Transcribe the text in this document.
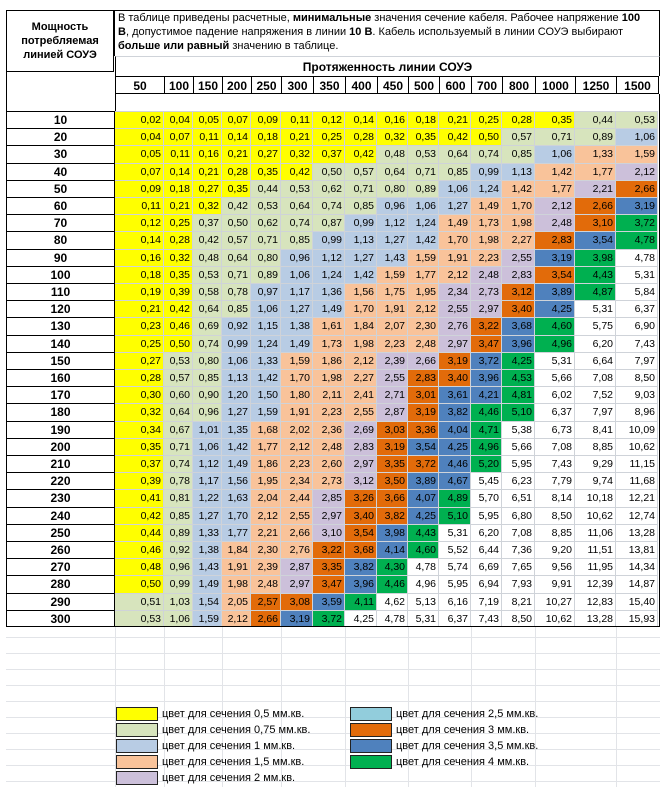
Мощность
потребляемая
линией СОУЭ
В таблице приведены расчетные, минимальные значения сечение кабеля. Рабочее напряжение 100
В, допустимое падение напряжения в линии 10 В. Кабель используемый в линии СОУЭ выбирают
больше или равный значению в таблице.
Протяженность линии СОУЭ
50	100 150 200 250 300 350 400 450 500 600 700 800	1000	1250	1500
10	0,02 0,04 0,05 0,07 0,09	0,11	0,12	0,14	0,16	0,18	0,21	0,25	0,28	0,35	0,44	0,53
20	0,04 0,07 0,11 0,14 0,18	0,21	0,25	0,28	0,32	0,35	0,42	0,50	0,57	0,71	0,89	1,06
30	0,05 0,11 0,16 0,21 0,27	0,32	0,37	0,42	0,48	0,53	0,64	0,74	0,85	1,06	1,33	1,59
40	0,07 0,14 0,21 0,28 0,35	0,42	0,50	0,57	0,64	0,71	0,85	0,99	1,13	1,42	1,77	2,12
50	0,09 0,18 0,27 0,35 0,44	0,53	0,62	0,71	0,80	0,89	1,06	1,24	1,42	1,77	2,21	2,66
60	0,11 0,21 0,32 0,42 0,53	0,64	0,74	0,85	0,96	1,06	1,27	1,49	1,70	2,12	2,66	3,19
70	0,12 0,25 0,37 0,50 0,62	0,74	0,87	0,99	1,12	1,24	1,49	1,73	1,98	2,48	3,10	3,72
80	0,14 0,28 0,42 0,57 0,71	0,85	0,99	1,13	1,27	1,42	1,70	1,98	2,27	2,83	3,54	4,78
90	0,16 0,32 0,48 0,64 0,80	0,96	1,12	1,27	1,43	1,59	1,91	2,23	2,55	3,19	3,98	4,78
100	0,18 0,35 0,53 0,71 0,89	1,06	1,24	1,42	1,59	1,77	2,12	2,48	2,83	3,54	4,43	5,31
110	0,19 0,39 0,58 0,78 0,97	1,17	1,36	1,56	1,75	1,95	2,34	2,73	3,12	3,89	4,87	5,84
120	0,21 0,42 0,64 0,85 1,06	1,27	1,49	1,70	1,91	2,12	2,55	2,97	3,40	4,25	5,31	6,37
130	0,23 0,46 0,69 0,92 1,15	1,38	1,61	1,84	2,07	2,30	2,76	3,22	3,68	4,60	5,75	6,90
140	0,25 0,50 0,74 0,99 1,24	1,49	1,73	1,98	2,23	2,48	2,97	3,47	3,96	4,96	6,20	7,43
150	0,27 0,53 0,80 1,06 1,33	1,59	1,86	2,12	2,39	2,66	3,19	3,72	4,25	5,31	6,64	7,97
160	0,28 0,57 0,85 1,13 1,42	1,70	1,98	2,27	2,55	2,83	3,40	3,96	4,53	5,66	7,08	8,50
170	0,30 0,60 0,90 1,20 1,50	1,80	2,11	2,41	2,71	3,01	3,61	4,21	4,81	6,02	7,52	9,03
180	0,32 0,64 0,96 1,27 1,59	1,91	2,23	2,55	2,87	3,19	3,82	4,46	5,10	6,37	7,97	8,96
190	0,34 0,67 1,01 1,35 1,68	2,02	2,36	2,69	3,03	3,36	4,04	4,71	5,38	6,73	8,41	10,09
200	0,35 0,71 1,06 1,42 1,77	2,12	2,48	2,83	3,19	3,54	4,25	4,96	5,66	7,08	8,85	10,62
210	0,37 0,74 1,12 1,49 1,86	2,23	2,60	2,97	3,35	3,72	4,46	5,20	5,95	7,43	9,29	11,15
220	0,39 0,78 1,17 1,56 1,95	2,34	2,73	3,12	3,50	3,89	4,67	5,45	6,23	7,79	9,74	11,68
230	0,41 0,81 1,22 1,63 2,04	2,44	2,85	3,26	3,66	4,07	4,89	5,70	6,51	8,14	10,18	12,21
240	0,42 0,85 1,27 1,70 2,12	2,55	2,97	3,40	3,82	4,25	5,10	5,95	6,80	8,50	10,62	12,74
250	0,44 0,89 1,33 1,77 2,21	2,66	3,10	3,54	3,98	4,43	5,31	6,20	7,08	8,85	11,06	13,28
260	0,46 0,92 1,38 1,84 2,30	2,76	3,22	3,68	4,14	4,60	5,52	6,44	7,36	9,20	11,51	13,81
270	0,48 0,96 1,43 1,91 2,39	2,87	3,35	3,82	4,30	4,78	5,74	6,69	7,65	9,56	11,95	14,34
280	0,50 0,99 1,49 1,98 2,48	2,97	3,47	3,96	4,46	4,96	5,95	6,94	7,93	9,91	12,39	14,87
290	0,51 1,03 1,54 2,05 2,57	3,08	3,59	4,11	4,62	5,13	6,16	7,19	8,21	10,27	12,83	15,40
300	0,53 1,06 1,59 2,12 2,66	3,19	3,72	4,25	4,78	5,31	6,37	7,43	8,50	10,62	13,28	15,93
цвет для сечения 0,5 мм.кв.
цвет для сечения 0,75 мм.кв.
цвет для сечения 1 мм.кв.
цвет для сечения 1,5 мм.кв.
цвет для сечения 2 мм.кв.
цвет для сечения 2,5 мм.кв.
цвет для сечения 3 мм.кв.
цвет для сечения 3,5 мм.кв.
цвет для сечения 4 мм.кв.
